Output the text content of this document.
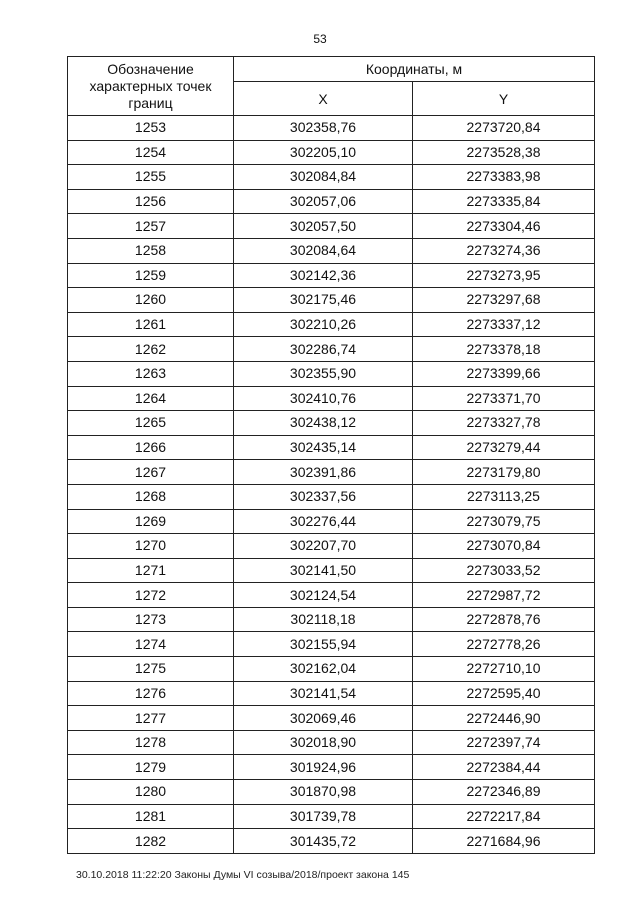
53
Обозначение характерных точек границ	Координаты, м	
	X	Y
1253	302358,76	2273720,84
1254	302205,10	2273528,38
1255	302084,84	2273383,98
1256	302057,06	2273335,84
1257	302057,50	2273304,46
1258	302084,64	2273274,36
1259	302142,36	2273273,95
1260	302175,46	2273297,68
1261	302210,26	2273337,12
1262	302286,74	2273378,18
1263	302355,90	2273399,66
1264	302410,76	2273371,70
1265	302438,12	2273327,78
1266	302435,14	2273279,44
1267	302391,86	2273179,80
1268	302337,56	2273113,25
1269	302276,44	2273079,75
1270	302207,70	2273070,84
1271	302141,50	2273033,52
1272	302124,54	2272987,72
1273	302118,18	2272878,76
1274	302155,94	2272778,26
1275	302162,04	2272710,10
1276	302141,54	2272595,40
1277	302069,46	2272446,90
1278	302018,90	2272397,74
1279	301924,96	2272384,44
1280	301870,98	2272346,89
1281	301739,78	2272217,84
1282	301435,72	2271684,96
30.10.2018 11:22:20 Законы Думы VI созыва/2018/проект закона 145
